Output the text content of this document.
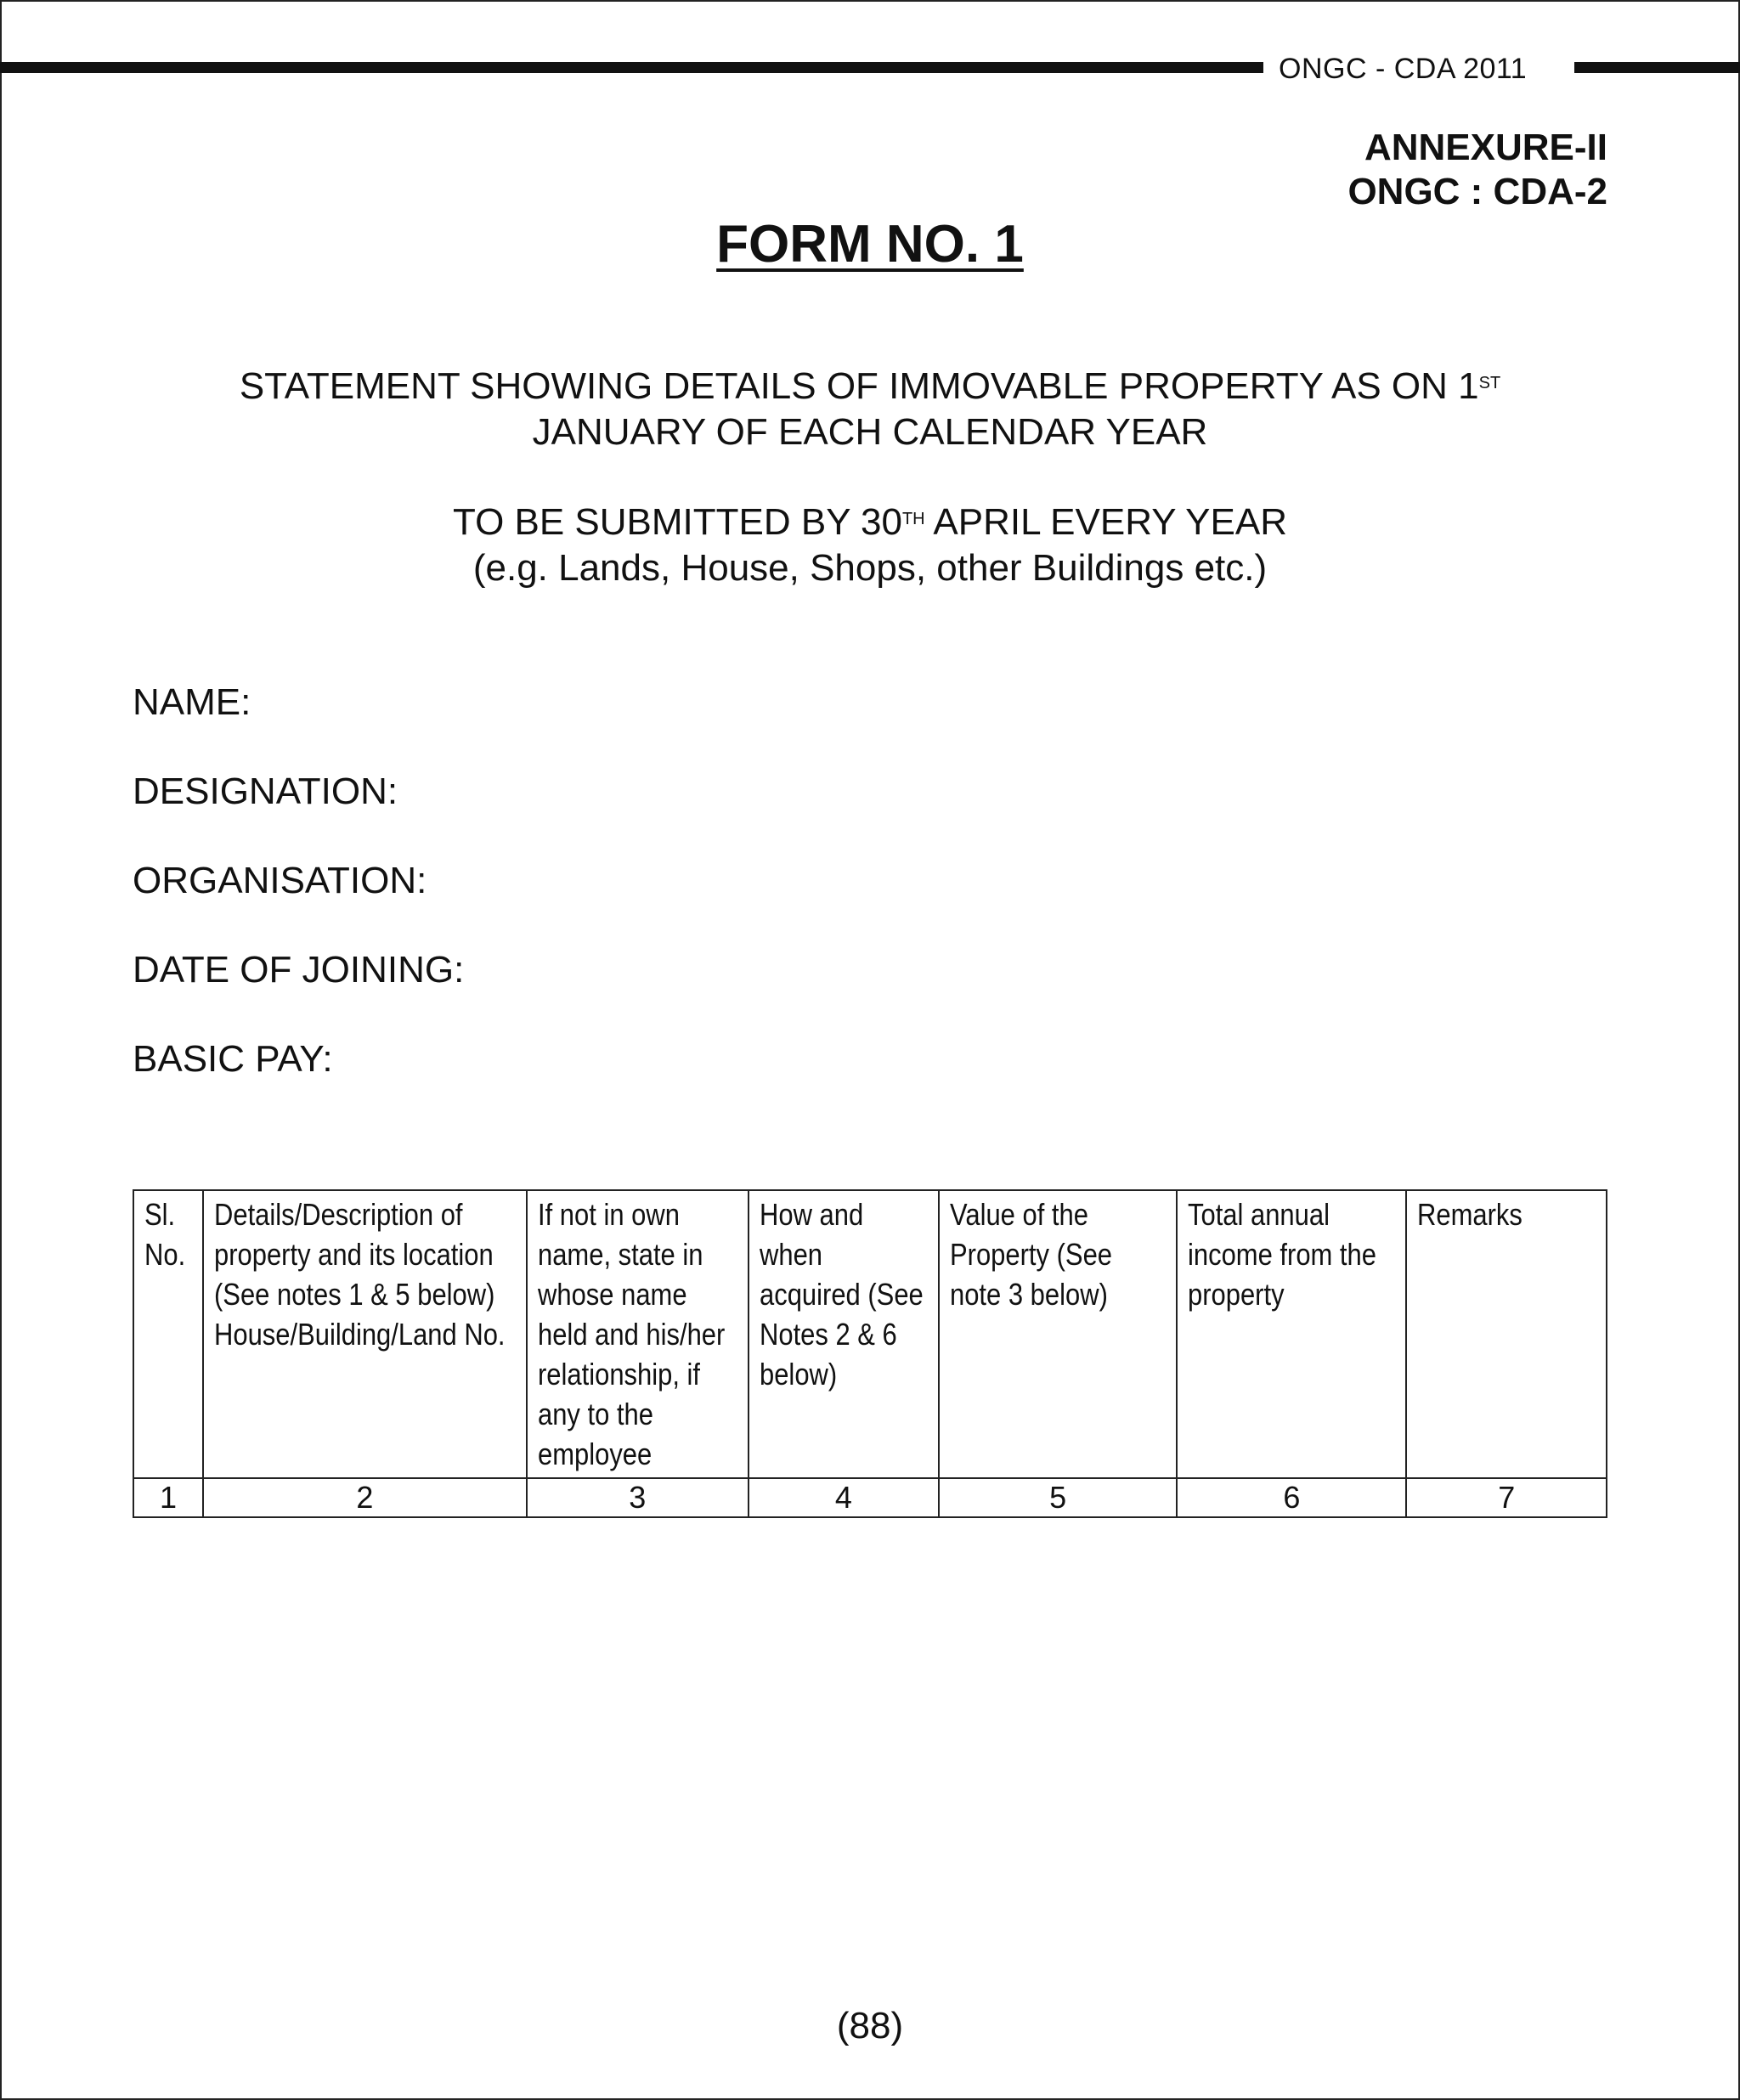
ONGC - CDA 2011
ANNEXURE-II
ONGC : CDA-2
FORM NO. 1
STATEMENT SHOWING DETAILS OF IMMOVABLE PROPERTY AS ON 1ST
JANUARY OF EACH CALENDAR YEAR
TO BE SUBMITTED BY 30TH APRIL EVERY YEAR
(e.g. Lands, House, Shops, other Buildings etc.)
NAME:
DESIGNATION:
ORGANISATION:
DATE OF JOINING:
BASIC PAY:
Sl. No.	Details/Description of property and its location (See notes 1 & 5 below) House/Building/Land No.	If not in own name, state in whose name held and his/her relationship, if any to the employee	How and when acquired (See Notes 2 & 6 below)	Value of the Property (See note 3 below)	Total annual income from the property	Remarks
1	2	3	4	5	6	7
(88)
